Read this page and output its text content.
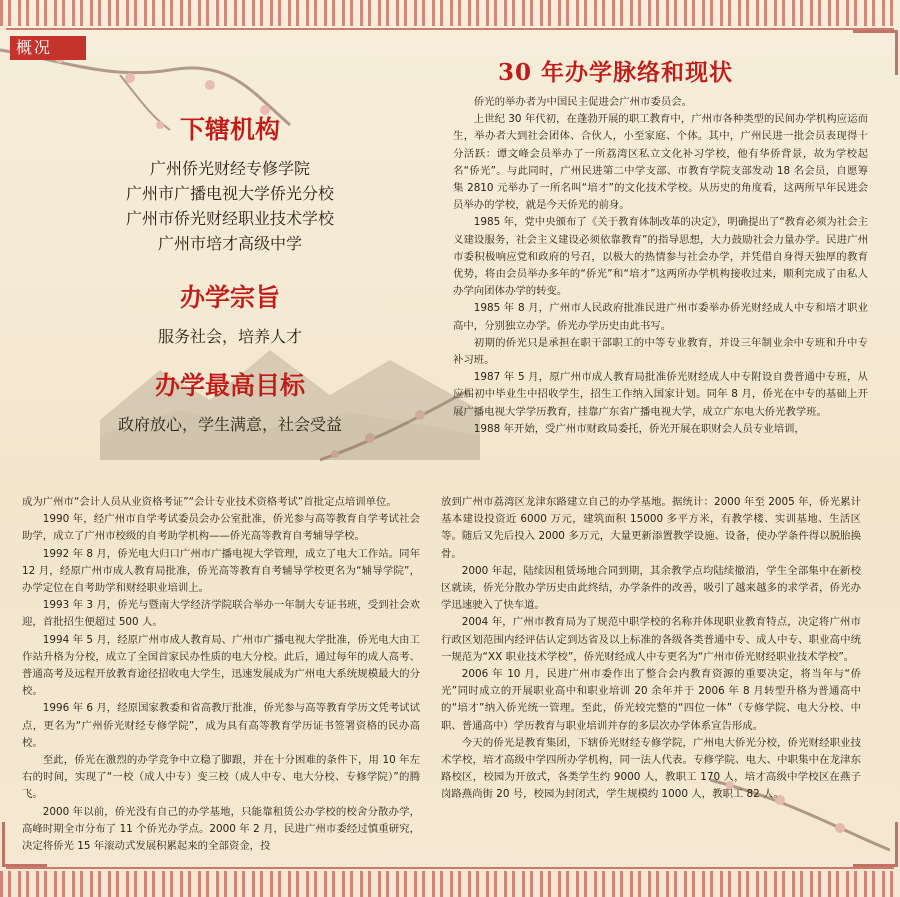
概况
下辖机构

广州侨光财经专修学院

广州市广播电视大学侨光分校

广州市侨光财经职业技术学校

广州市培才高级中学

办学宗旨

服务社会，培养人才

办学最高目标

政府放心，学生满意，社会受益

30 年办学脉络和现状

侨光的举办者为中国民主促进会广州市委员会。

上世纪 30 年代初，在蓬勃开展的职工教育中，广州市各种类型的民间办学机构应运而生，举办者大到社会团体、合伙人，小至家庭、个体。其中，广州民进一批会员表现得十分活跃：谭文峰会员举办了一所荔湾区私立文化补习学校，他有华侨背景，故为学校起名“侨光”。与此同时，广州民进第二中学支部、市教育学院支部发动 18 名会员，自愿筹集 2810 元举办了一所名叫“培才”的文化技术学校。从历史的角度看，这两所早年民进会员举办的学校，就是今天侨光的前身。

1985 年，党中央颁布了《关于教育体制改革的决定》，明确提出了“教育必须为社会主义建设服务，社会主义建设必须依靠教育”的指导思想，大力鼓励社会力量办学。民进广州市委积极响应党和政府的号召，以极大的热情参与社会办学，并凭借自身得天独厚的教育优势，将由会员举办多年的“侨光”和“培才”这两所办学机构接收过来，顺利完成了由私人办学向团体办学的转变。

1985 年 8 月，广州市人民政府批准民进广州市委举办侨光财经成人中专和培才职业高中，分别独立办学。侨光办学历史由此书写。

初期的侨光只是承担在职干部职工的中等专业教育，并设三年制业余中专班和升中专补习班。

1987 年 5 月，原广州市成人教育局批准侨光财经成人中专附设自费普通中专班，从应届初中毕业生中招收学生，招生工作纳入国家计划。同年 8 月，侨光在中专的基础上开展广播电视大学学历教育，挂靠广东省广播电视大学，成立广东电大侨光教学班。

1988 年开始，受广州市财政局委托，侨光开展在职财会人员专业培训，

成为广州市“会计人员从业资格考证”“会计专业技术资格考试”首批定点培训单位。

1990 年，经广州市自学考试委员会办公室批准，侨光参与高等教育自学考试社会助学，成立了广州市校级的自考助学机构——侨光高等教育自考辅导学校。

1992 年 8 月，侨光电大归口广州市广播电视大学管理，成立了电大工作站。同年 12 月，经原广州市成人教育局批准，侨光高等教育自考辅导学校更名为“辅导学院”，办学定位在自考助学和财经职业培训上。

1993 年 3 月，侨光与暨南大学经济学院联合举办一年制大专证书班，受到社会欢迎，首批招生便超过 500 人。

1994 年 5 月，经原广州市成人教育局、广州市广播电视大学批准，侨光电大由工作站升格为分校，成立了全国首家民办性质的电大分校。此后，通过每年的成人高考、普通高考及远程开放教育途径招收电大学生，迅速发展成为广州电大系统规模最大的分校。

1996 年 6 月，经原国家教委和省高教厅批准，侨光参与高等教育学历文凭考试试点，更名为“广州侨光财经专修学院”，成为具有高等教育学历证书签署资格的民办高校。

至此，侨光在激烈的办学竞争中立稳了脚跟，并在十分困难的条件下，用 10 年左右的时间，实现了“一校（成人中专）变三校（成人中专、电大分校、专修学院）”的腾飞。

2000 年以前，侨光没有自己的办学基地，只能靠租赁公办学校的校舍分散办学，高峰时期全市分布了 11 个侨光办学点。2000 年 2 月，民进广州市委经过慎重研究，决定将侨光 15 年滚动式发展积累起来的全部资金，投

放到广州市荔湾区龙津东路建立自己的办学基地。据统计：2000 年至 2005 年，侨光累计基本建设投资近 6000 万元，建筑面积 15000 多平方米，有教学楼、实训基地、生活区等。随后又先后投入 2000 多万元，大量更新添置教学设施、设备，使办学条件得以脱胎换骨。

2000 年起，陆续因租赁场地合同到期，其余教学点均陆续撤消，学生全部集中在新校区就读，侨光分散办学历史由此终结，办学条件的改善，吸引了越来越多的求学者，侨光办学迅速驶入了快车道。

2004 年，广州市教育局为了规范中职学校的名称并体现职业教育特点，决定将广州市行政区划范围内经评估认定到达省及以上标准的各级各类普通中专、成人中专、职业高中统一规范为“XX 职业技术学校”，侨光财经成人中专更名为“广州市侨光财经职业技术学校”。

2006 年 10 月，民进广州市委作出了整合会内教育资源的重要决定，将当年与“侨光”同时成立的开展职业高中和职业培训 20 余年并于 2006 年 8 月转型升格为普通高中的“培才”纳入侨光统一管理。至此，侨光较完整的“四位一体”（专修学院、电大分校、中职、普通高中）学历教育与职业培训并存的多层次办学体系宣告形成。

今天的侨光是教育集团，下辖侨光财经专修学院，广州电大侨光分校，侨光财经职业技术学校，培才高级中学四所办学机构，同一法人代表。专修学院、电大、中职集中在龙津东路校区，校园为开放式，各类学生约 9000 人，教职工 170 人，培才高级中学校区在燕子岗路燕尚街 20 号，校园为封闭式，学生规模约 1000 人，教职工 82 人。
